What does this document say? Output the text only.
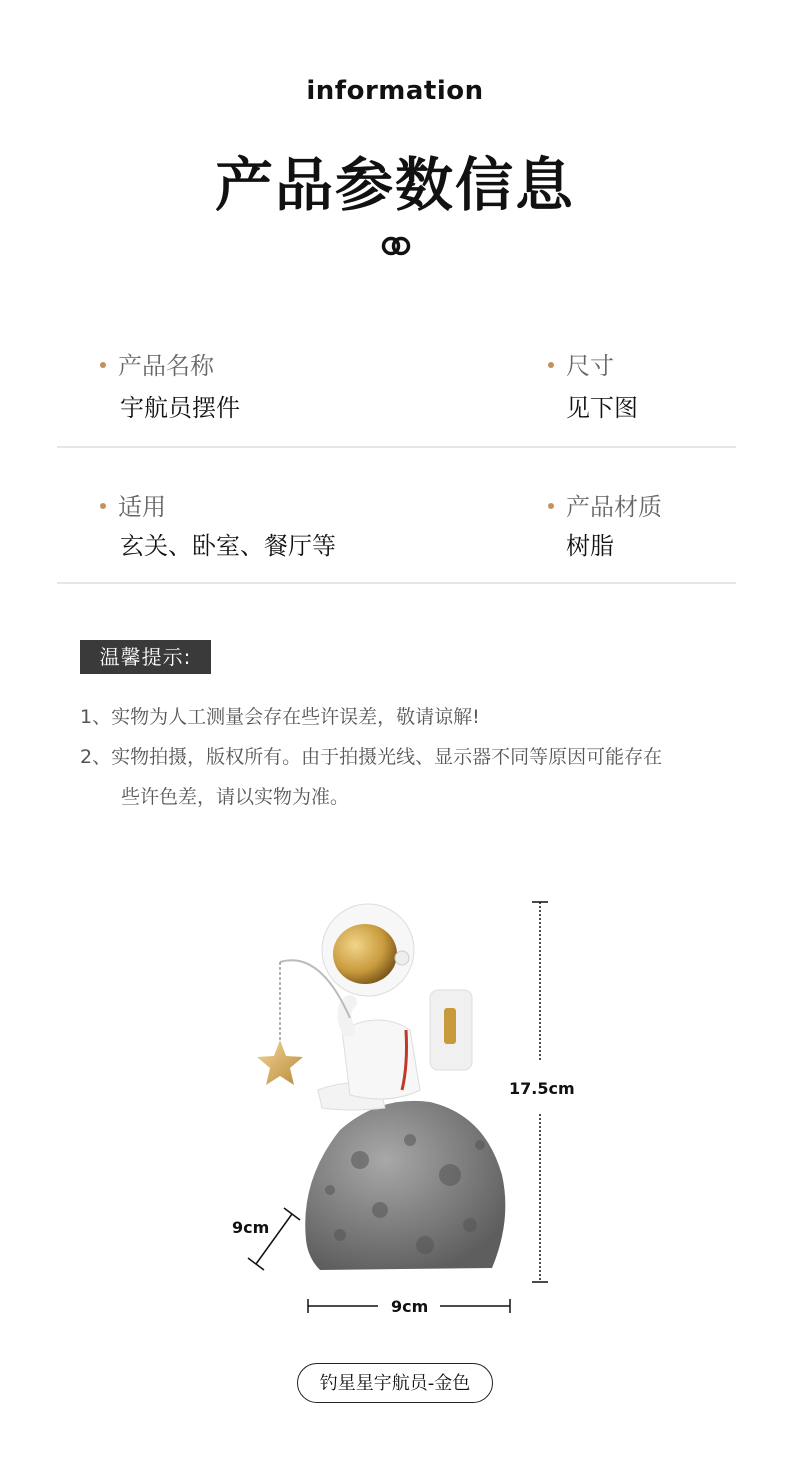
information
产品参数信息
产品名称
宇航员摆件
尺寸
见下图
适用
玄关、卧室、餐厅等
产品材质
树脂
温馨提示:
1、实物为人工测量会存在些许误差，敬请谅解!
2、实物拍摄，版权所有。由于拍摄光线、显示器不同等原因可能存在
些许色差，请以实物为准。
17.5cm
9cm
9cm
钓星星宇航员-金色
